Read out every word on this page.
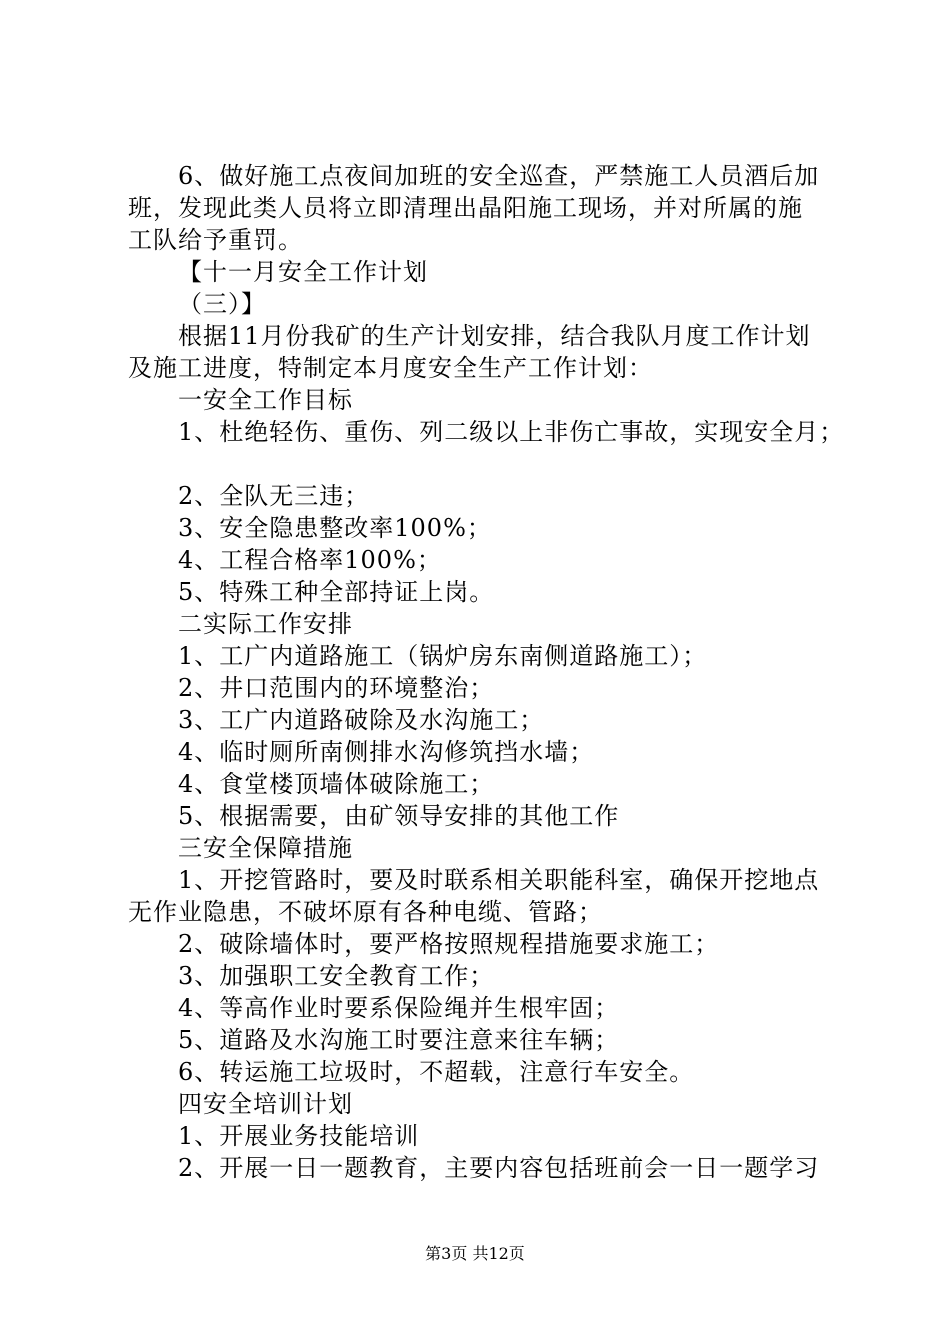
6、做好施工点夜间加班的安全巡查，严禁施工人员酒后加
班，发现此类人员将立即清理出晶阳施工现场，并对所属的施
工队给予重罚。
【十一月安全工作计划
（三）】
根据11月份我矿的生产计划安排，结合我队月度工作计划
及施工进度，特制定本月度安全生产工作计划：
一安全工作目标
1、杜绝轻伤、重伤、列二级以上非伤亡事故，实现安全月；
2、全队无三违；
3、安全隐患整改率100%；
4、工程合格率100%；
5、特殊工种全部持证上岗。
二实际工作安排
1、工广内道路施工（锅炉房东南侧道路施工）；
2、井口范围内的环境整治；
3、工广内道路破除及水沟施工；
4、临时厕所南侧排水沟修筑挡水墙；
4、食堂楼顶墙体破除施工；
5、根据需要，由矿领导安排的其他工作
三安全保障措施
1、开挖管路时，要及时联系相关职能科室，确保开挖地点
无作业隐患，不破坏原有各种电缆、管路；
2、破除墙体时，要严格按照规程措施要求施工；
3、加强职工安全教育工作；
4、等高作业时要系保险绳并生根牢固；
5、道路及水沟施工时要注意来往车辆；
6、转运施工垃圾时，不超载，注意行车安全。
四安全培训计划
1、开展业务技能培训
2、开展一日一题教育，主要内容包括班前会一日一题学习
第3页 共12页
